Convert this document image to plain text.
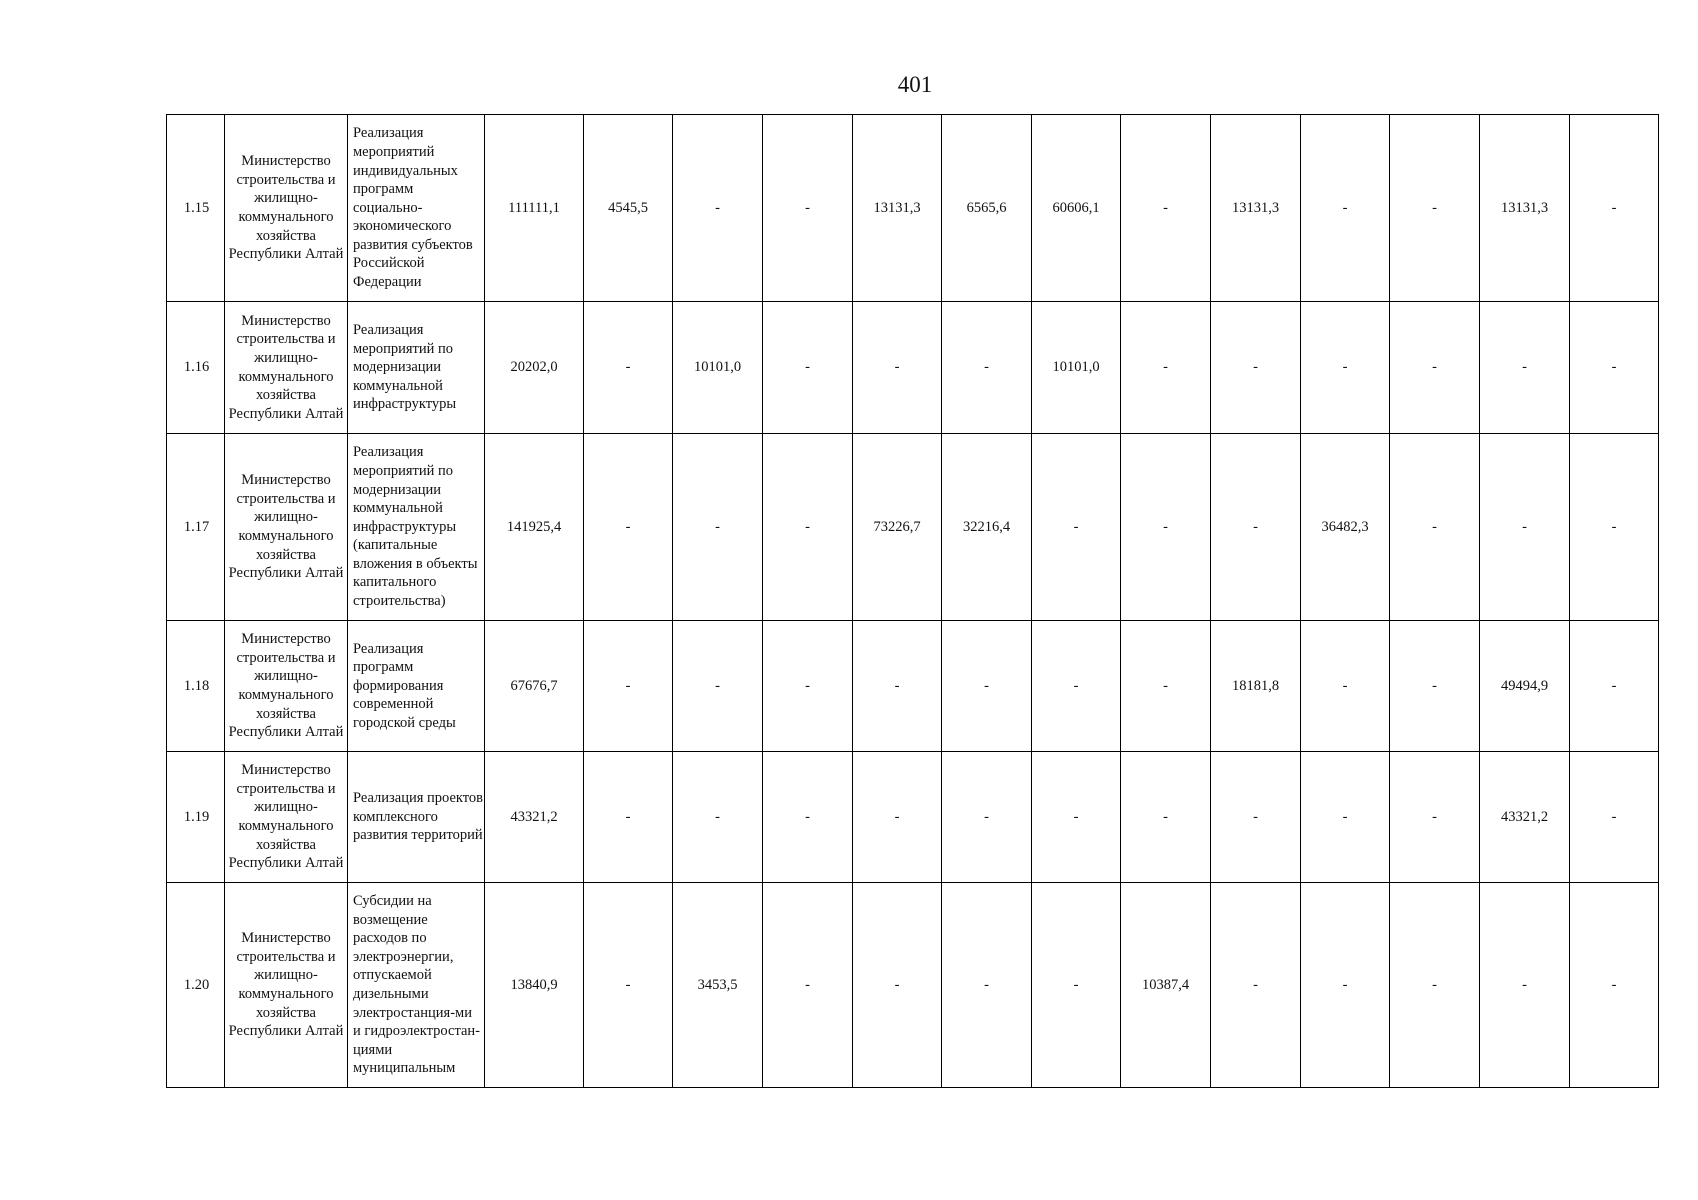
401
1.15	Министерство строительства и жилищно-коммунального хозяйства Республики Алтай	Реализация мероприятий индивидуальных программ социально-экономического развития субъектов Российской Федерации	111111,1	4545,5	-	-	13131,3	6565,6	60606,1	-	13131,3	-	-	13131,3	-
1.16	Министерство строительства и жилищно-коммунального хозяйства Республики Алтай	Реализация мероприятий по модернизации коммунальной инфраструктуры	20202,0	-	10101,0	-	-	-	10101,0	-	-	-	-	-	-
1.17	Министерство строительства и жилищно-коммунального хозяйства Республики Алтай	Реализация мероприятий по модернизации коммунальной инфраструктуры (капитальные вложения в объекты капитального строительства)	141925,4	-	-	-	73226,7	32216,4	-	-	-	36482,3	-	-	-
1.18	Министерство строительства и жилищно-коммунального хозяйства Республики Алтай	Реализация программ формирования современной городской среды	67676,7	-	-	-	-	-	-	-	18181,8	-	-	49494,9	-
1.19	Министерство строительства и жилищно-коммунального хозяйства Республики Алтай	Реализация проектов комплексного развития территорий	43321,2	-	-	-	-	-	-	-	-	-	-	43321,2	-
1.20	Министерство строительства и жилищно-коммунального хозяйства Республики Алтай	Субсидии на возмещение расходов по электроэнергии, отпускаемой дизельными электростанция-ми и гидроэлектростан-циями муниципальным	13840,9	-	3453,5	-	-	-	-	10387,4	-	-	-	-	-
